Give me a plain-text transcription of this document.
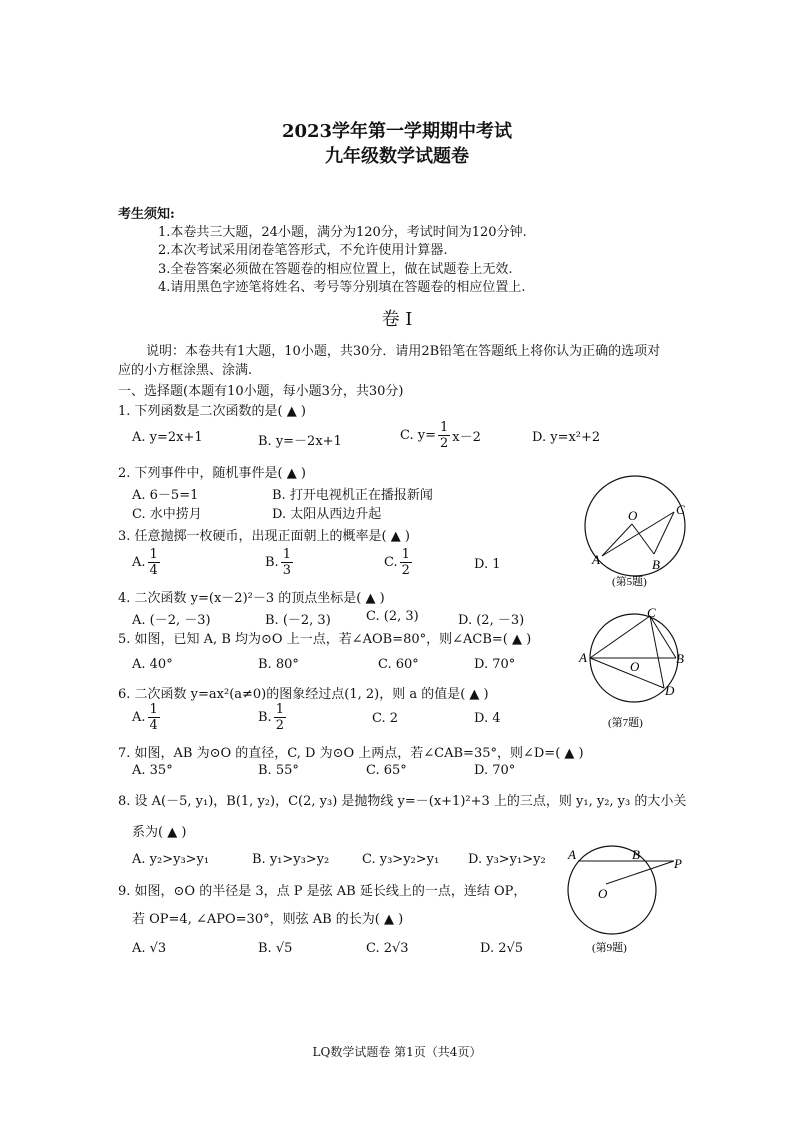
2023学年第一学期期中考试
九年级数学试题卷
考生须知:
1.本卷共三大题，24小题，满分为120分，考试时间为120分钟.
2.本次考试采用闭卷笔答形式，不允许使用计算器.
3.全卷答案必须做在答题卷的相应位置上，做在试题卷上无效.
4.请用黑色字迹笔将姓名、考号等分别填在答题卷的相应位置上.
卷 Ⅰ
说明：本卷共有1大题，10小题，共30分．请用2B铅笔在答题纸上将你认为正确的选项对
应的小方框涂黑、涂满.
一、选择题(本题有10小题，每小题3分，共30分)
1. 下列函数是二次函数的是( ▲ )
A. y=2x+1	B. y=－2x+1	C. $y= \frac{1}{2} x-2$	D. y=x²+2
2. 下列事件中，随机事件是( ▲ )
A. 6－5=1	B. 打开电视机正在播报新闻
C. 水中捞月	D. 太阳从西边升起
3. 任意抛掷一枚硬币，出现正面朝上的概率是( ▲ )
A. $\frac{1}{4}$	B. $\frac{1}{3}$	C. $\frac{1}{2}$	D. 1
4. 二次函数 y=(x－2)²－3 的顶点坐标是( ▲ )
A. (－2, －3)	B. (－2, 3)	C. (2, 3)	D. (2, －3)
5. 如图，已知 A, B 均为⊙O 上一点，若∠AOB=80°，则∠ACB=( ▲ )
A. 40°	B. 80°	C. 60°	D. 70°
6. 二次函数 y=ax²(a≠0)的图象经过点(1, 2)，则 a 的值是( ▲ )
A. $\frac{1}{4}$	B. $\frac{1}{2}$	C. 2	D. 4
7. 如图，AB 为⊙O 的直径，C, D 为⊙O 上两点，若∠CAB=35°，则∠D=( ▲ )
A. 35°	B. 55°	C. 65°	D. 70°
8. 设 A(－5, y₁)，B(1, y₂)，C(2, y₃) 是抛物线 y=－(x+1)²+3 上的三点，则 y₁, y₂, y₃ 的大小关
系为( ▲ )
A. y₂>y₃>y₁	B. y₁>y₃>y₂	C. y₃>y₂>y₁ D. y₃>y₁>y₂
9. 如图，⊙O 的半径是 3，点 P 是弦 AB 延长线上的一点，连结 OP，
若 OP=4, ∠APO=30°，则弦 AB 的长为( ▲ )
A. √3	B. √5	C. 2√3	D. 2√5
O
A	B
C
(第5题)
A	B
C
D
O
(第7题)
A	B
P
O
(第9题)
LQ数学试题卷 第1页（共4页）
